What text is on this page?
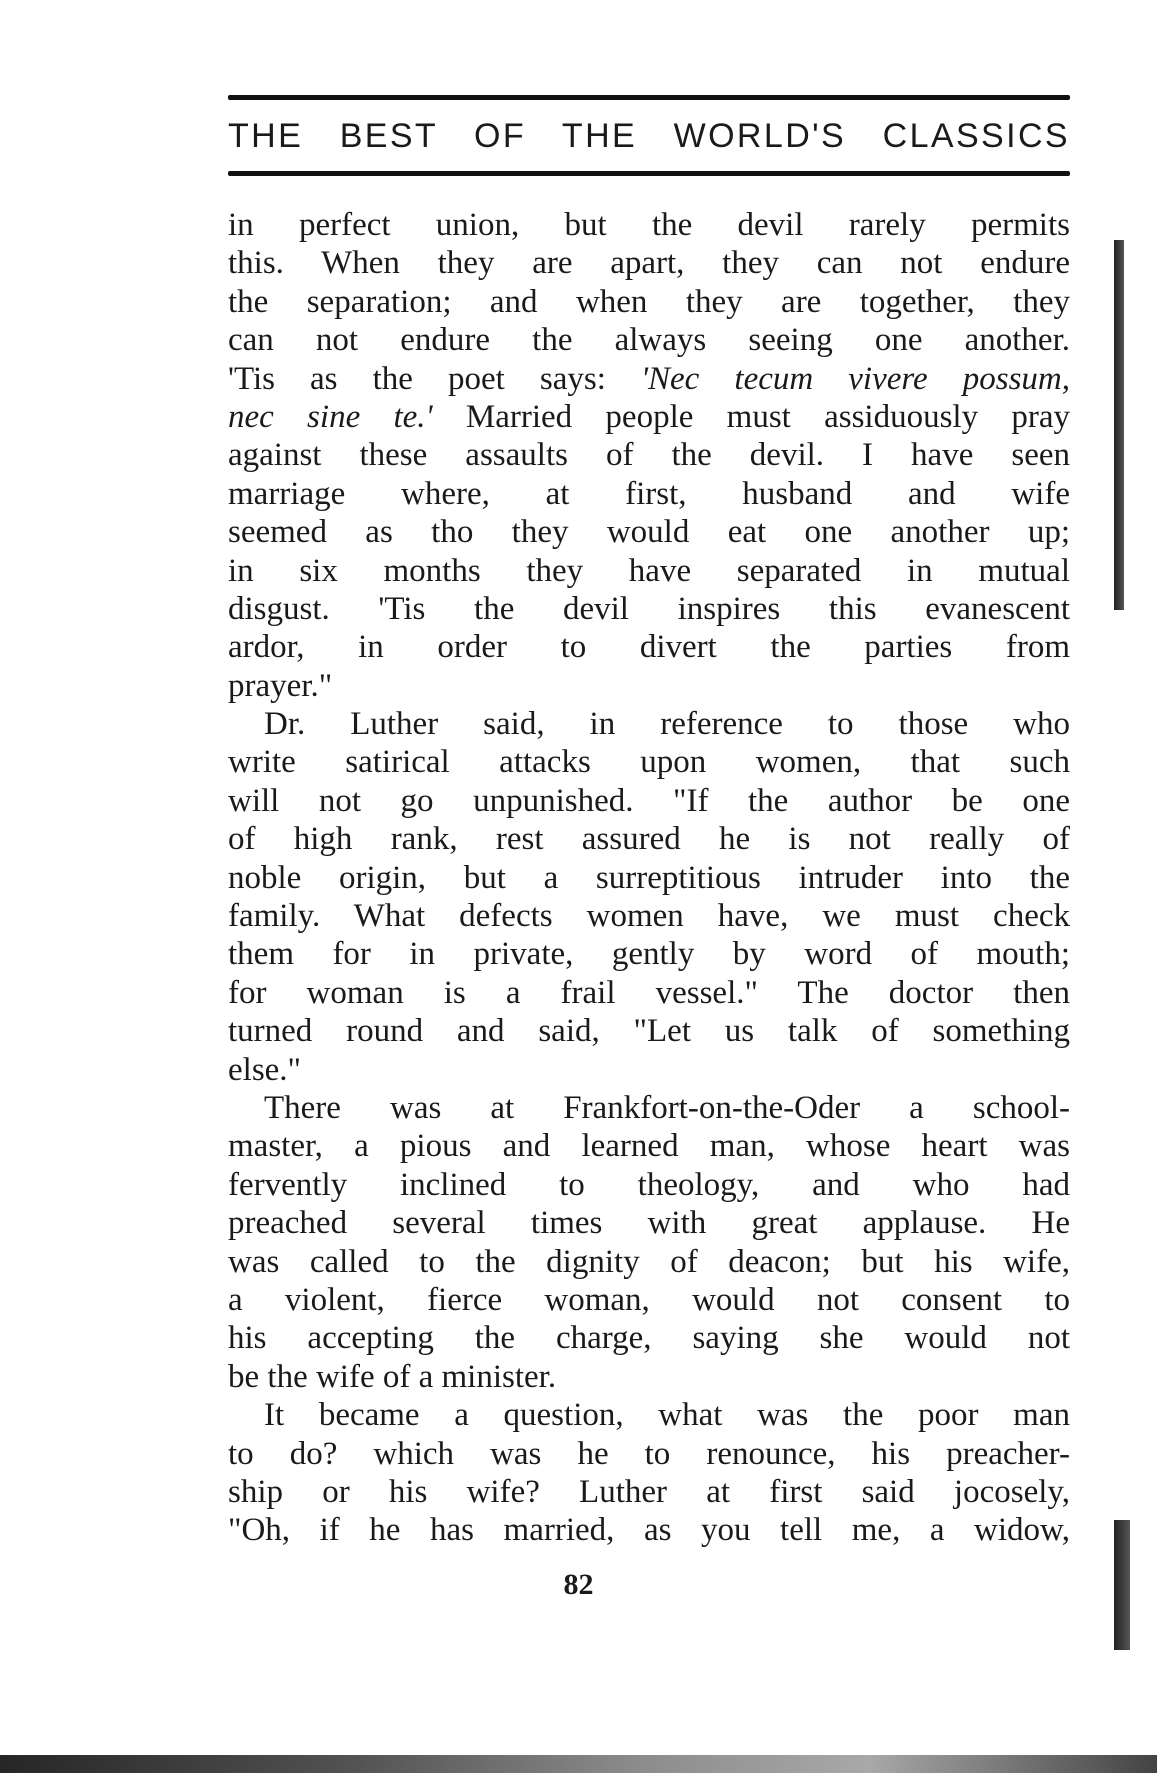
THE BEST OF THE WORLD'S CLASSICS
in perfect union, but the devil rarely permits
this. When they are apart, they can not endure
the separation; and when they are together, they
can not endure the always seeing one another.
'Tis as the poet says: 'Nec tecum vivere possum,
nec sine te.' Married people must assiduously pray
against these assaults of the devil. I have seen
marriage where, at first, husband and wife
seemed as tho they would eat one another up;
in six months they have separated in mutual
disgust. 'Tis the devil inspires this evanescent
ardor, in order to divert the parties from
prayer."
Dr. Luther said, in reference to those who
write satirical attacks upon women, that such
will not go unpunished. "If the author be one
of high rank, rest assured he is not really of
noble origin, but a surreptitious intruder into the
family. What defects women have, we must check
them for in private, gently by word of mouth;
for woman is a frail vessel." The doctor then
turned round and said, "Let us talk of something
else."
There was at Frankfort-on-the-Oder a school-
master, a pious and learned man, whose heart was
fervently inclined to theology, and who had
preached several times with great applause. He
was called to the dignity of deacon; but his wife,
a violent, fierce woman, would not consent to
his accepting the charge, saying she would not
be the wife of a minister.
It became a question, what was the poor man
to do? which was he to renounce, his preacher-
ship or his wife? Luther at first said jocosely,
"Oh, if he has married, as you tell me, a widow,
82
